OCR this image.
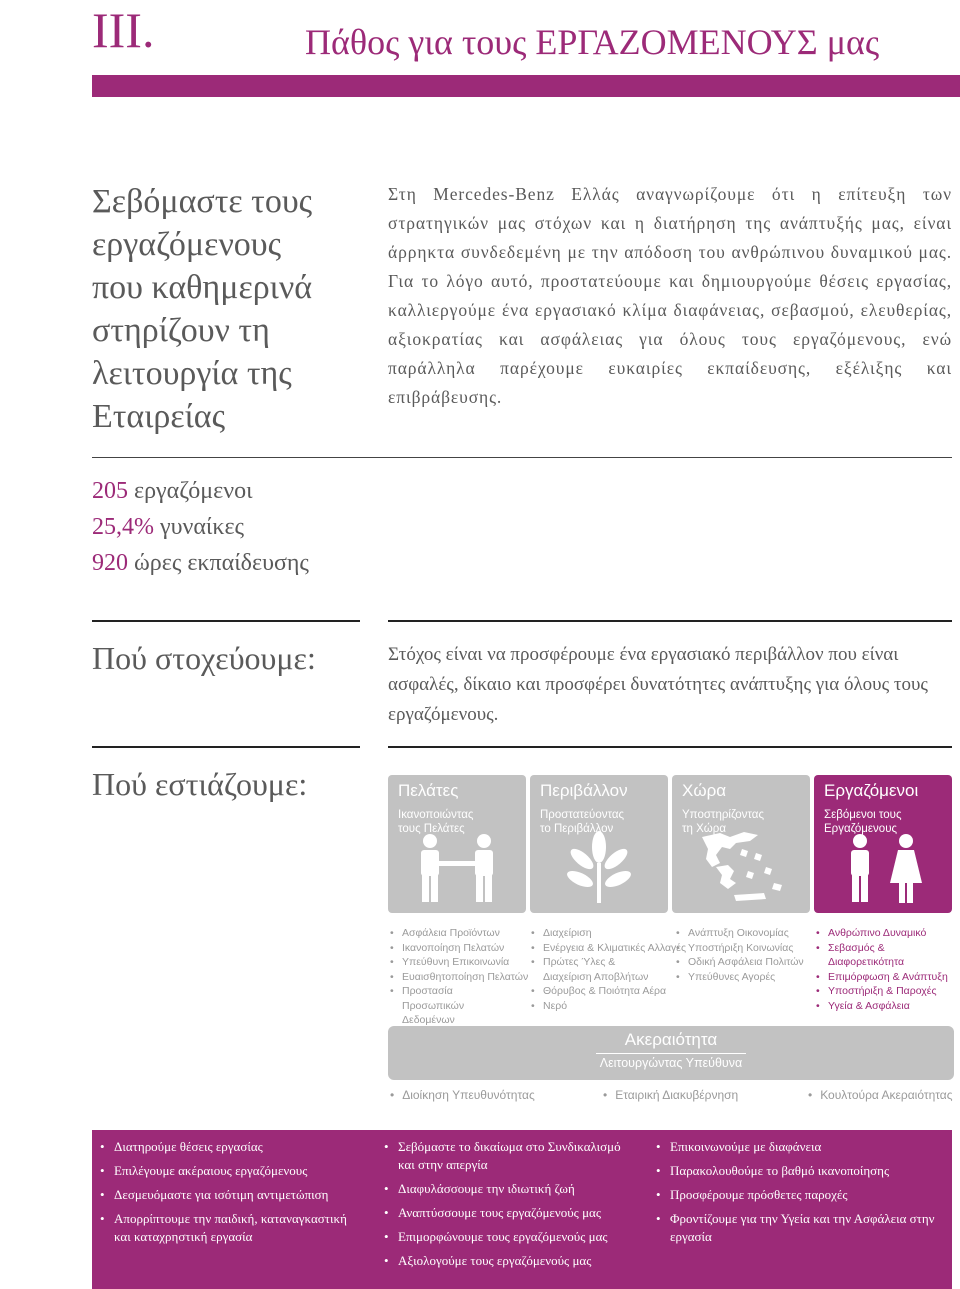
III.	Πάθος για τους ΕΡΓΑΖΟΜΕΝΟΥΣ μας
Σεβόμαστε τους
εργαζόμενους
που καθημερινά
στηρίζουν τη
λειτουργία της
Εταιρείας
Στη Mercedes-Benz Ελλάς αναγνωρίζουμε ότι η επίτευξη των στρατηγικών μας στόχων και η διατήρηση της ανάπτυξής μας, είναι άρρηκτα συνδεδεμένη με την απόδοση του ανθρώπινου δυναμικού μας. Για το λόγο αυτό, προστατεύουμε και δημιουργούμε θέσεις εργασίας, καλλιεργούμε ένα εργασιακό κλίμα διαφάνειας, σεβασμού, ελευθερίας, αξιοκρατίας και ασφάλειας για όλους τους εργαζόμενους, ενώ παράλληλα παρέχουμε ευκαιρίες εκπαίδευσης, εξέλιξης και επιβράβευσης.
205 εργαζόμενοι
25,4% γυναίκες
920 ώρες εκπαίδευσης
Πού στοχεύουμε:	Στόχος είναι να προσφέρουμε ένα εργασιακό περιβάλλον που είναι ασφαλές, δίκαιο και προσφέρει δυνατότητες ανάπτυξης για όλους τους εργαζόμενους.
Πού εστιάζουμε:	Πελάτες
Ικανοποιώντας
τους Πελάτες
Περιβάλλον
Προστατεύοντας
το Περιβάλλον
Χώρα
Υποστηρίζοντας
τη Χώρα
Εργαζόμενοι
Σεβόμενοι τους
Εργαζόμενους
• Ασφάλεια Προϊόντων
• Ικανοποίηση Πελατών
• Υπεύθυνη Επικοινωνία
• Ευαισθητοποίηση Πελατών
• Προστασία Προσωπικών Δεδομένων
• Διαχείριση
• Ενέργεια & Κλιματικές Αλλαγές
• Πρώτες Ύλες & Διαχείριση Αποβλήτων
• Θόρυβος & Ποιότητα Αέρα
• Νερό
• Ανάπτυξη Οικονομίας
• Υποστήριξη Κοινωνίας
• Οδική Ασφάλεια Πολιτών
• Υπεύθυνες Αγορές
• Ανθρώπινο Δυναμικό
• Σεβασμός & Διαφορετικότητα
• Επιμόρφωση & Ανάπτυξη
• Υποστήριξη & Παροχές
• Υγεία & Ασφάλεια
Ακεραιότητα
Λειτουργώντας Υπεύθυνα
• Διοίκηση Υπευθυνότητας	• Εταιρική Διακυβέρνηση	• Κουλτούρα Ακεραιότητας
• Διατηρούμε θέσεις εργασίας
• Επιλέγουμε ακέραιους εργαζόμενους
• Δεσμευόμαστε για ισότιμη αντιμετώπιση
• Απορρίπτουμε την παιδική, καταναγκαστική και καταχρηστική εργασία
• Σεβόμαστε το δικαίωμα στο Συνδικαλισμό και στην απεργία
• Διαφυλάσσουμε την ιδιωτική ζωή
• Αναπτύσσουμε τους εργαζόμενούς μας
• Επιμορφώνουμε τους εργαζόμενούς μας
• Αξιολογούμε τους εργαζόμενούς μας
• Επικοινωνούμε με διαφάνεια
• Παρακολουθούμε το βαθμό ικανοποίησης
• Προσφέρουμε πρόσθετες παροχές
• Φροντίζουμε για την Υγεία και την Ασφάλεια στην εργασία
